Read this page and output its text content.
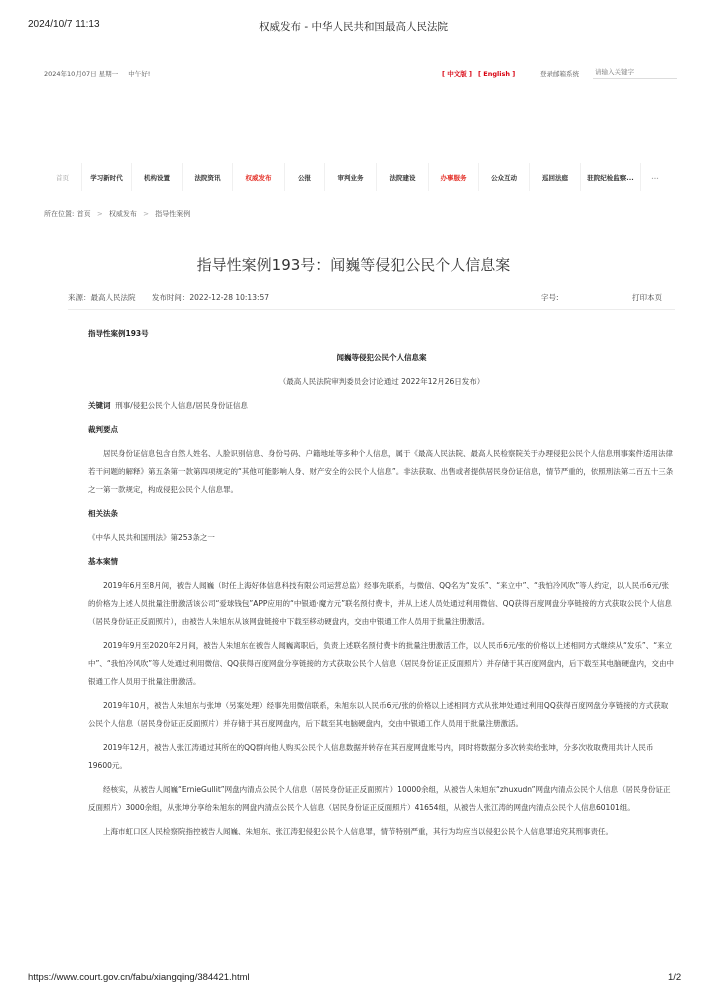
2024/10/7 11:13	权威发布 - 中华人民共和国最高人民法院
2024年10月07日 星期一 中午好!	[ 中文版 ] [ English ]	登录邮箱系统
请输入关键字
首页	学习新时代	机构设置	法院资讯	权威发布	公报	审判业务	法院建设	办事服务	公众互动	巡回法庭	驻院纪检监察...	...
所在位置: 首页 > 权威发布 > 指导性案例
指导性案例193号：闻巍等侵犯公民个人信息案
来源：最高人民法院 发布时间：2022-12-28 10:13:57	字号:	打印本页

指导性案例193号

闻巍等侵犯公民个人信息案

（最高人民法院审判委员会讨论通过 2022年12月26日发布）

关键词 刑事/侵犯公民个人信息/居民身份证信息

裁判要点

居民身份证信息包含自然人姓名、人脸识别信息、身份号码、户籍地址等多种个人信息，属于《最高人民法院、最高人民检察院关于办理侵犯公民个人信息刑事案件适用法律若干问题的解释》第五条第一款第四项规定的“其他可能影响人身、财产安全的公民个人信息”。非法获取、出售或者提供居民身份证信息，情节严重的，依照刑法第二百五十三条之一第一款规定，构成侵犯公民个人信息罪。

相关法条

《中华人民共和国刑法》第253条之一

基本案情

2019年6月至8月间，被告人闻巍（时任上海好体信息科技有限公司运营总监）经事先联系，与微信、QQ名为“发乐”、“来立中”、“我怕冷风吹”等人约定，以人民币6元/张的价格为上述人员批量注册激活该公司“爱球钱包”APP应用的“中银通·魔方元”联名预付费卡，并从上述人员处通过利用微信、QQ获得百度网盘分享链接的方式获取公民个人信息（居民身份证正反面照片），由被告人朱旭东从该网盘链接中下载至移动硬盘内，交由中银通工作人员用于批量注册激活。

2019年9月至2020年2月间，被告人朱旭东在被告人闻巍离职后，负责上述联名预付费卡的批量注册激活工作，以人民币6元/张的价格以上述相同方式继续从“发乐”、“来立中”、“我怕冷风吹”等人处通过利用微信、QQ获得百度网盘分享链接的方式获取公民个人信息（居民身份证正反面照片）并存储于其百度网盘内，后下载至其电脑硬盘内，交由中银通工作人员用于批量注册激活。

2019年10月，被告人朱旭东与张坤（另案处理）经事先用微信联系，朱旭东以人民币6元/张的价格以上述相同方式从张坤处通过利用QQ获得百度网盘分享链接的方式获取公民个人信息（居民身份证正反面照片）并存储于其百度网盘内，后下载至其电脑硬盘内，交由中银通工作人员用于批量注册激活。

2019年12月，被告人张江涛通过其所在的QQ群向他人购买公民个人信息数据并转存在其百度网盘账号内，同时将数据分多次转卖给张坤，分多次收取费用共计人民币19600元。

经核实，从被告人闻巍“ErnieGullit”网盘内清点公民个人信息（居民身份证正反面照片）10000余组，从被告人朱旭东“zhuxudn”网盘内清点公民个人信息（居民身份证正反面照片）3000余组，从张坤分享给朱旭东的网盘内清点公民个人信息（居民身份证正反面照片）41654组，从被告人张江涛的网盘内清点公民个人信息60101组。

上海市虹口区人民检察院指控被告人闻巍、朱旭东、张江涛犯侵犯公民个人信息罪，情节特别严重，其行为均应当以侵犯公民个人信息罪追究其刑事责任。

https://www.court.gov.cn/fabu/xiangqing/384421.html	1/2
